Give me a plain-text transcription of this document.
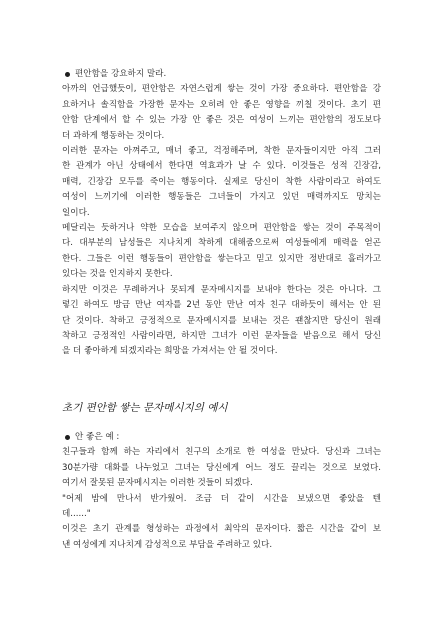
편안함을 강요하지 말라.
아까의 언급했듯이, 편안함은 자연스럽게 쌓는 것이 가장 중요하다. 편안함을 강
요하거나 솔직함을 가장한 문자는 오히려 안 좋은 영향을 끼칠 것이다. 초기 편
안함 단계에서 할 수 있는 가장 안 좋은 것은 여성이 느끼는 편안함의 정도보다
더 과하게 행동하는 것이다.
이러한 문자는 아껴주고, 매너 좋고, 걱정해주며, 착한 문자들이지만 아직 그러
한 관계가 아닌 상태에서 한다면 역효과가 날 수 있다. 이것들은 성적 긴장감,
매력, 긴장감 모두를 죽이는 행동이다. 실제로 당신이 착한 사람이라고 하여도
여성이 느끼기에 이러한 행동들은 그녀들이 가지고 있던 매력까지도 망치는
일이다.
메달리는 듯하거나 약한 모습을 보여주지 않으며 편안함을 쌓는 것이 주목적이
다. 대부분의 남성들은 지나치게 착하게 대해줌으로써 여성들에게 매력을 얻곤
한다. 그들은 이런 행동들이 편안함을 쌓는다고 믿고 있지만 정반대로 흘러가고
있다는 것을 인지하지 못한다.
하지만 이것은 무례하거나 못되게 문자메시지를 보내야 한다는 것은 아니다. 그
렇긴 하여도 방금 만난 여자를 2년 동안 만난 여자 친구 대하듯이 해서는 안 된
단 것이다. 착하고 긍정적으로 문자메시지를 보내는 것은 괜찮지만 당신이 원래
착하고 긍정적인 사람이라면, 하지만 그녀가 이런 문자들을 받음으로 해서 당신
을 더 좋아하게 되겠지라는 희망을 가져서는 안 될 것이다.
초기 편안함 쌓는 문자메시지의 예시
안 좋은 예 :
친구들과 함께 하는 자리에서 친구의 소개로 한 여성을 만났다. 당신과 그녀는
30분가량 대화를 나누었고 그녀는 당신에게 어느 정도 끌리는 것으로 보였다.
여기서 잘못된 문자메시지는 이러한 것들이 되겠다.
"어제 밤에 만나서 반가웠어. 조금 더 같이 시간을 보냈으면 좋았을 텐
데......"
이것은 초기 관계를 형성하는 과정에서 최악의 문자이다. 짧은 시간을 같이 보
낸 여성에게 지나치게 감성적으로 부담을 주려하고 있다.
